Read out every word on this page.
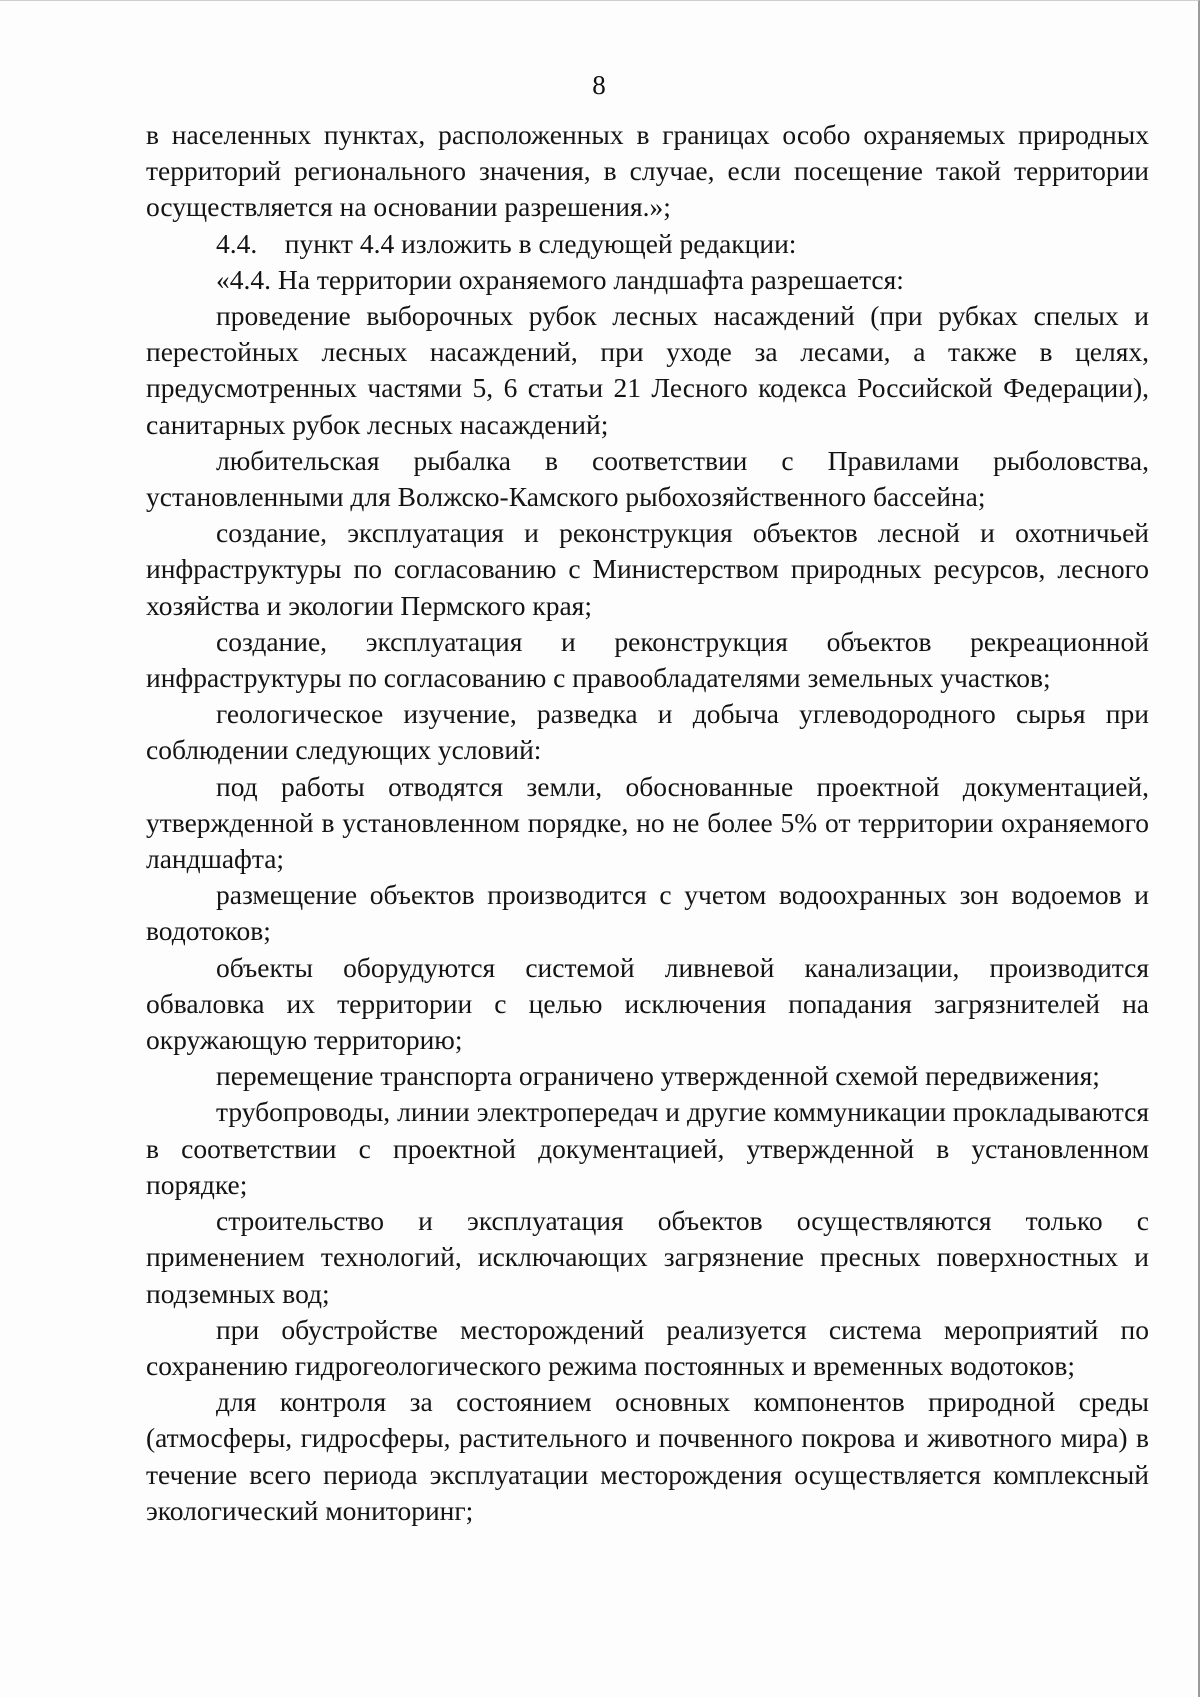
8

в населенных пунктах, расположенных в границах особо охраняемых природных территорий регионального значения, в случае, если посещение такой территории осуществляется на основании разрешения.»;

4.4. пункт 4.4 изложить в следующей редакции:

«4.4. На территории охраняемого ландшафта разрешается:

проведение выборочных рубок лесных насаждений (при рубках спелых и перестойных лесных насаждений, при уходе за лесами, а также в целях, предусмотренных частями 5, 6 статьи 21 Лесного кодекса Российской Федерации), санитарных рубок лесных насаждений;

любительская рыбалка в соответствии с Правилами рыболовства, установленными для Волжско-Камского рыбохозяйственного бассейна;

создание, эксплуатация и реконструкция объектов лесной и охотничьей инфраструктуры по согласованию с Министерством природных ресурсов, лесного хозяйства и экологии Пермского края;

создание, эксплуатация и реконструкция объектов рекреационной инфраструктуры по согласованию с правообладателями земельных участков;

геологическое изучение, разведка и добыча углеводородного сырья при соблюдении следующих условий:

под работы отводятся земли, обоснованные проектной документацией, утвержденной в установленном порядке, но не более 5% от территории охраняемого ландшафта;

размещение объектов производится с учетом водоохранных зон водоемов и водотоков;

объекты оборудуются системой ливневой канализации, производится обваловка их территории с целью исключения попадания загрязнителей на окружающую территорию;

перемещение транспорта ограничено утвержденной схемой передвижения;

трубопроводы, линии электропередач и другие коммуникации прокладываются в соответствии с проектной документацией, утвержденной в установленном порядке;

строительство и эксплуатация объектов осуществляются только с применением технологий, исключающих загрязнение пресных поверхностных и подземных вод;

при обустройстве месторождений реализуется система мероприятий по сохранению гидрогеологического режима постоянных и временных водотоков;

для контроля за состоянием основных компонентов природной среды (атмосферы, гидросферы, растительного и почвенного покрова и животного мира) в течение всего периода эксплуатации месторождения осуществляется комплексный экологический мониторинг;
